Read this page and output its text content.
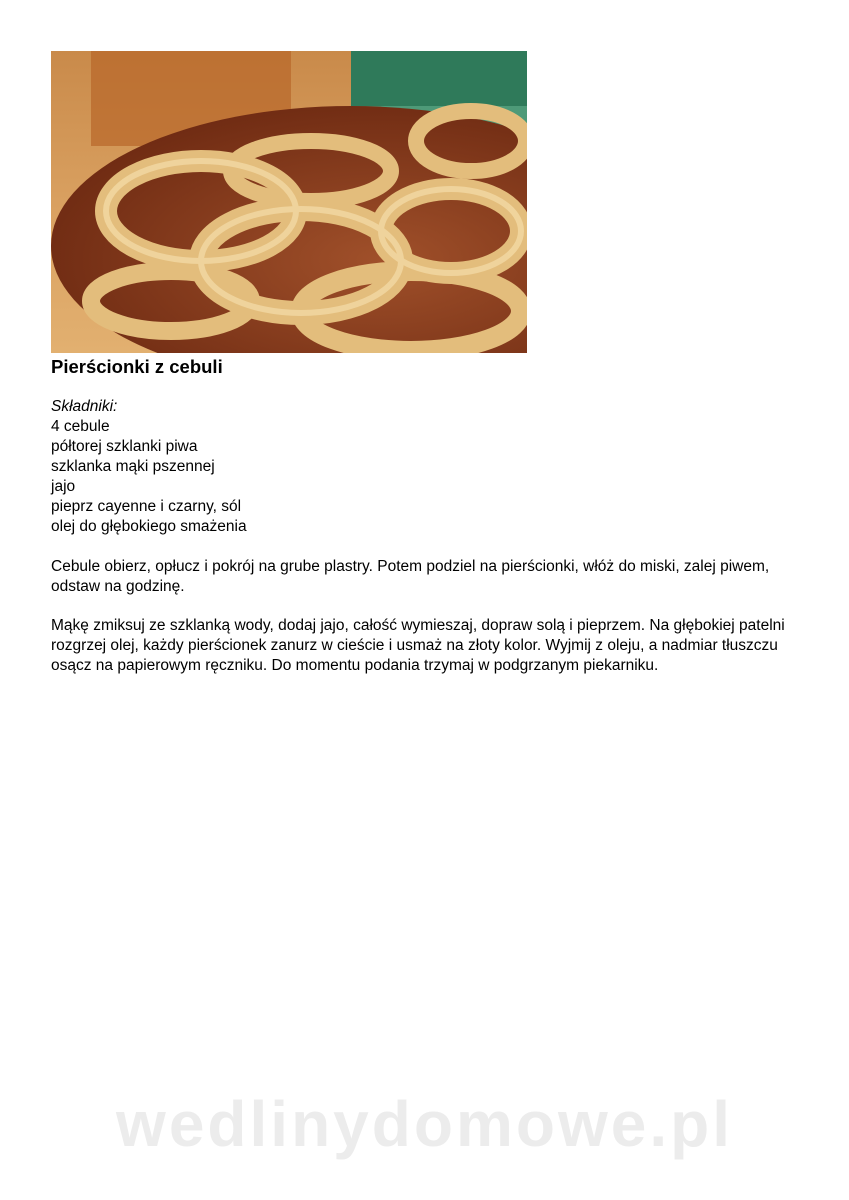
Pierścionki z cebuli
Składniki:
4 cebule
półtorej szklanki piwa
szklanka mąki pszennej
jajo
pieprz cayenne i czarny, sól
olej do głębokiego smażenia

Cebule obierz, opłucz i pokrój na grube plastry. Potem podziel na pierścionki, włóż do miski, zalej piwem, odstaw na godzinę.

Mąkę zmiksuj ze szklanką wody, dodaj jajo, całość wymieszaj, dopraw solą i pieprzem. Na głębokiej patelni rozgrzej olej, każdy pierścionek zanurz w cieście i usmaż na złoty kolor. Wyjmij z oleju, a nadmiar tłuszczu osącz na papierowym ręczniku. Do momentu podania trzymaj w podgrzanym piekarniku.

wedlinydomowe.pl
